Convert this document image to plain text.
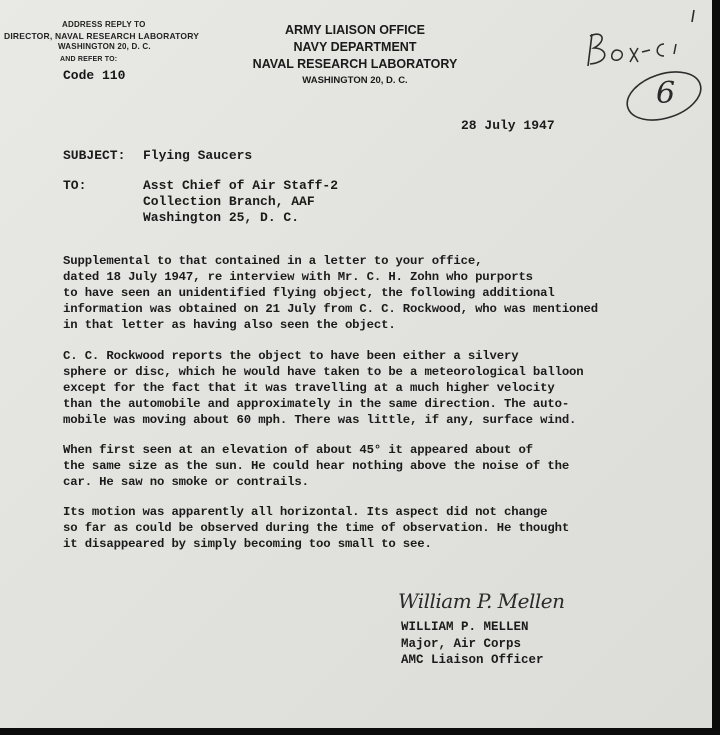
ADDRESS REPLY TO
DIRECTOR, NAVAL RESEARCH LABORATORY
WASHINGTON 20, D. C.
AND REFER TO:
Code 110
ARMY LIAISON OFFICE
NAVY DEPARTMENT
NAVAL RESEARCH LABORATORY
WASHINGTON 20, D. C.	6
28 July 1947
SUBJECT: Flying Saucers
TO:	Asst Chief of Air Staff-2
Collection Branch, AAF
Washington 25, D. C.
Supplemental to that contained in a letter to your office,
dated 18 July 1947, re interview with Mr. C. H. Zohn who purports
to have seen an unidentified flying object, the following additional
information was obtained on 21 July from C. C. Rockwood, who was mentioned
in that letter as having also seen the object.
C. C. Rockwood reports the object to have been either a silvery
sphere or disc, which he would have taken to be a meteorological balloon
except for the fact that it was travelling at a much higher velocity
than the automobile and approximately in the same direction. The auto-
mobile was moving about 60 mph. There was little, if any, surface wind.
When first seen at an elevation of about 45° it appeared about of
the same size as the sun. He could hear nothing above the noise of the
car. He saw no smoke or contrails.
Its motion was apparently all horizontal. Its aspect did not change
so far as could be observed during the time of observation. He thought
it disappeared by simply becoming too small to see.
William P. Mellen
WILLIAM P. MELLEN
Major, Air Corps
AMC Liaison Officer
